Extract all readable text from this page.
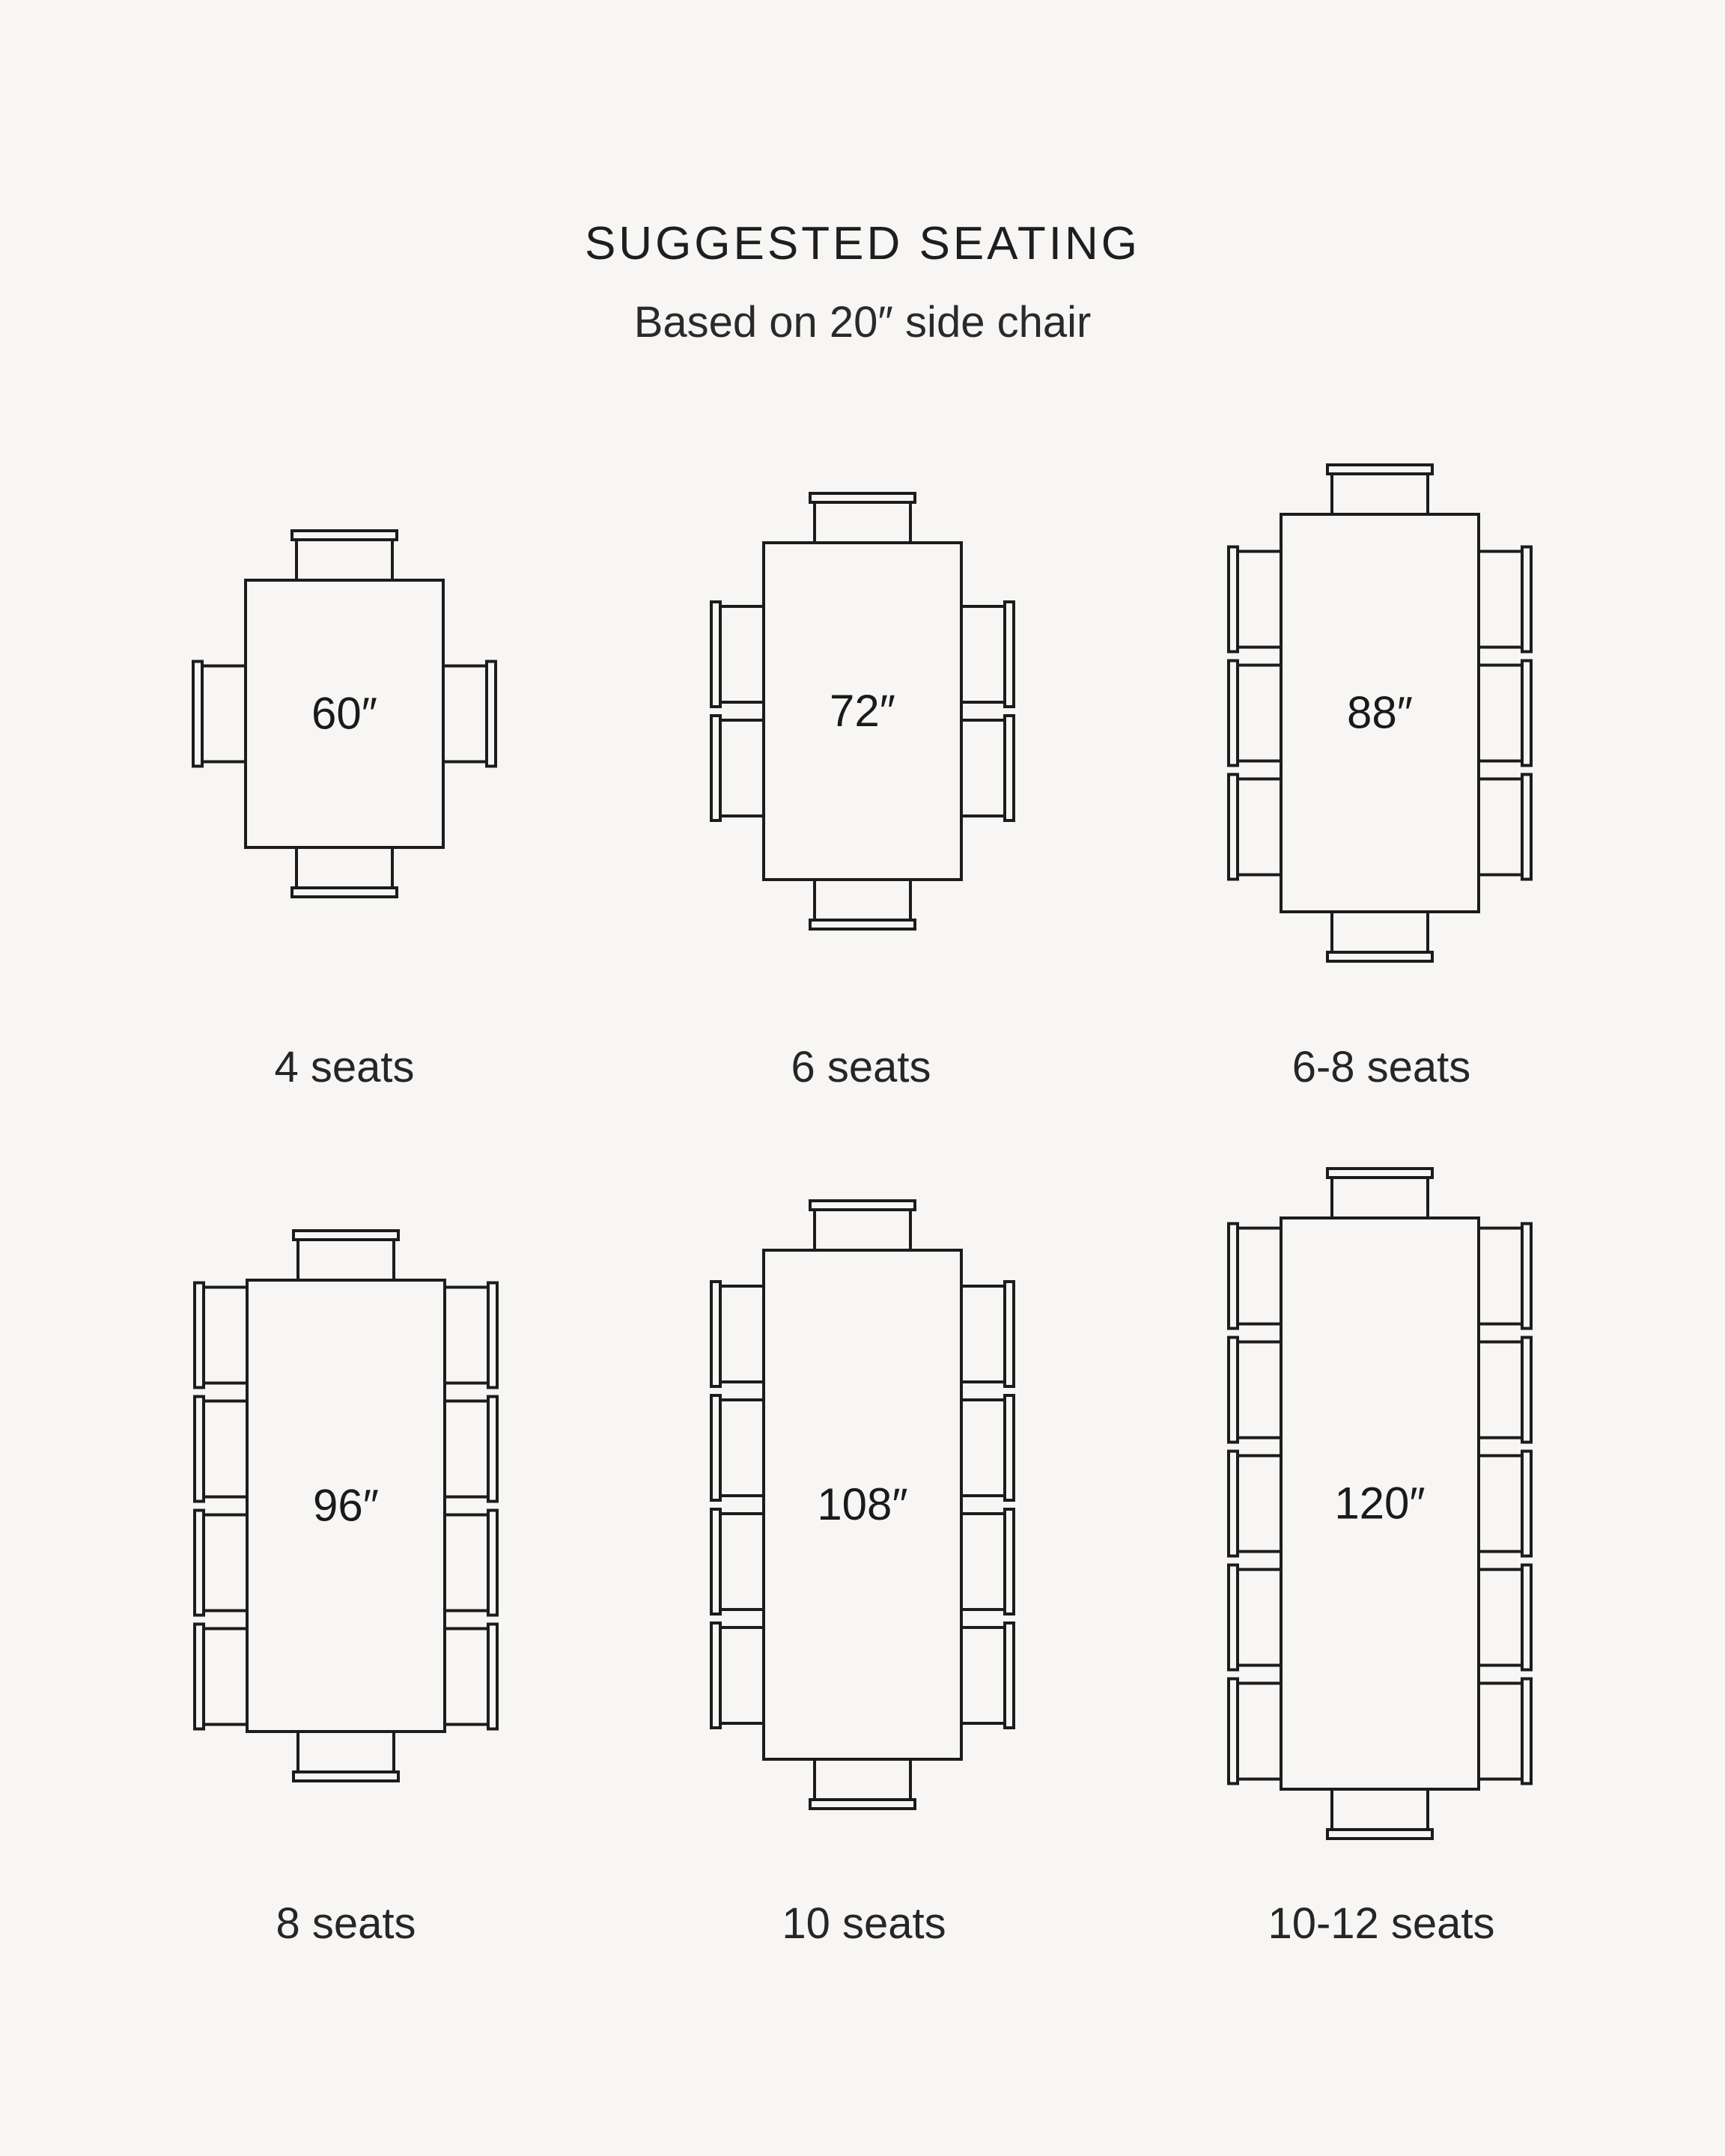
SUGGESTED SEATING
Based on 20″ side chair
60″	72″	88″
96″	108″	120″
4 seats	6 seats	6-8 seats
8 seats	10 seats	10-12 seats
